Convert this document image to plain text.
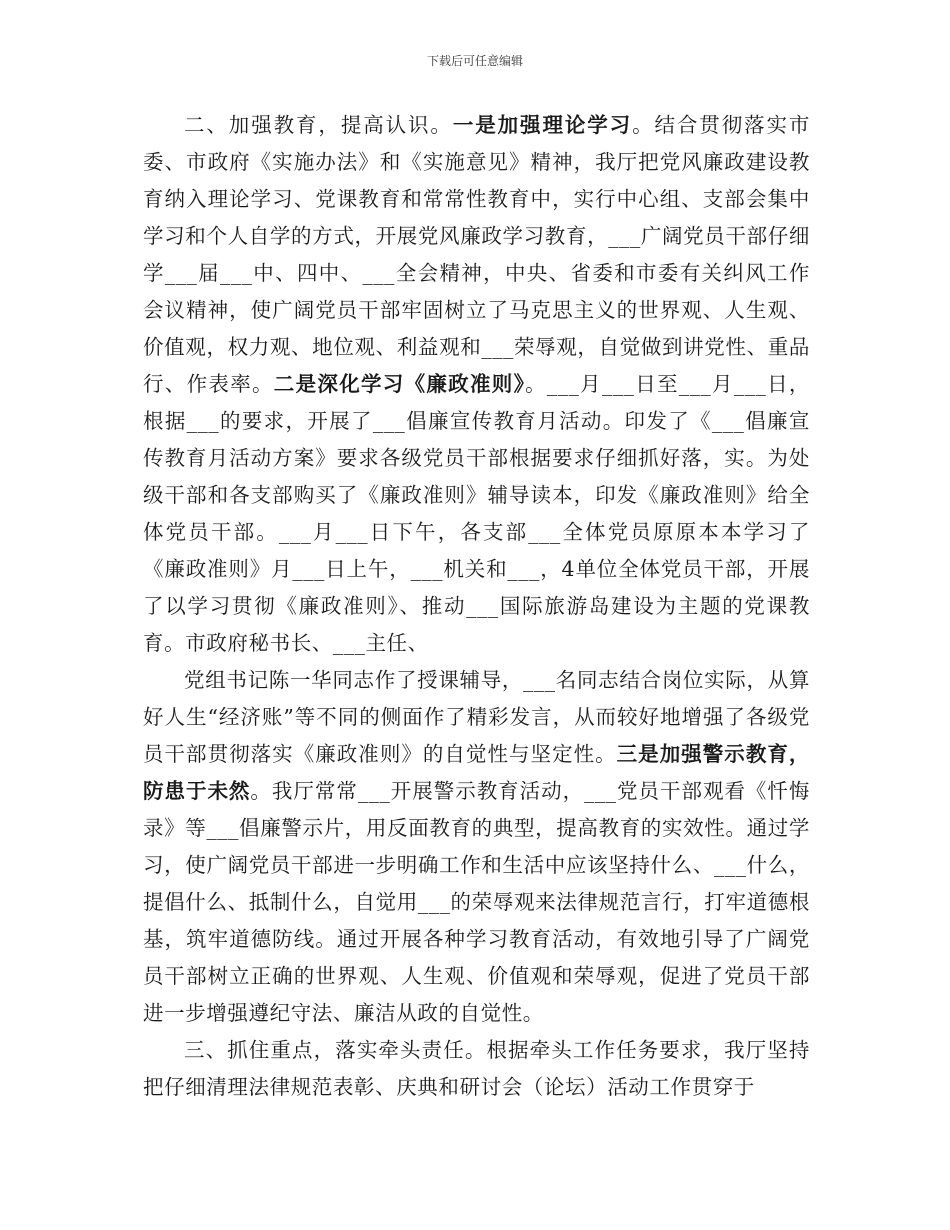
下载后可任意编辑

二、加强教育，提高认识。一是加强理论学习。结合贯彻落实市委、市政府《实施办法》和《实施意见》精神，我厅把党风廉政建设教育纳入理论学习、党课教育和常常性教育中，实行中心组、支部会集中学习和个人自学的方式，开展党风廉政学习教育，___广阔党员干部仔细学___届___中、四中、___全会精神，中央、省委和市委有关纠风工作会议精神，使广阔党员干部牢固树立了马克思主义的世界观、人生观、价值观，权力观、地位观、利益观和___荣辱观，自觉做到讲党性、重品行、作表率。二是深化学习《廉政准则》。___月___日至___月___日，根据___的要求，开展了___倡廉宣传教育月活动。印发了《___倡廉宣传教育月活动方案》要求各级党员干部根据要求仔细抓好落，实。为处级干部和各支部购买了《廉政准则》辅导读本，印发《廉政准则》给全体党员干部。___月___日下午，各支部___全体党员原原本本学习了《廉政准则》月___日上午，___机关和___，4单位全体党员干部，开展了以学习贯彻《廉政准则》、推动___国际旅游岛建设为主题的党课教育。市政府秘书长、___主任、

党组书记陈一华同志作了授课辅导，___名同志结合岗位实际，从算好人生“经济账”等不同的侧面作了精彩发言，从而较好地增强了各级党员干部贯彻落实《廉政准则》的自觉性与坚定性。三是加强警示教育，防患于未然。我厅常常___开展警示教育活动，___党员干部观看《忏悔录》等___倡廉警示片，用反面教育的典型，提高教育的实效性。通过学习，使广阔党员干部进一步明确工作和生活中应该坚持什么、___什么，提倡什么、抵制什么，自觉用___的荣辱观来法律规范言行，打牢道德根基，筑牢道德防线。通过开展各种学习教育活动，有效地引导了广阔党员干部树立正确的世界观、人生观、价值观和荣辱观，促进了党员干部进一步增强遵纪守法、廉洁从政的自觉性。

三、抓住重点，落实牵头责任。根据牵头工作任务要求，我厅坚持把仔细清理法律规范表彰、庆典和研讨会（论坛）活动工作贯穿于
